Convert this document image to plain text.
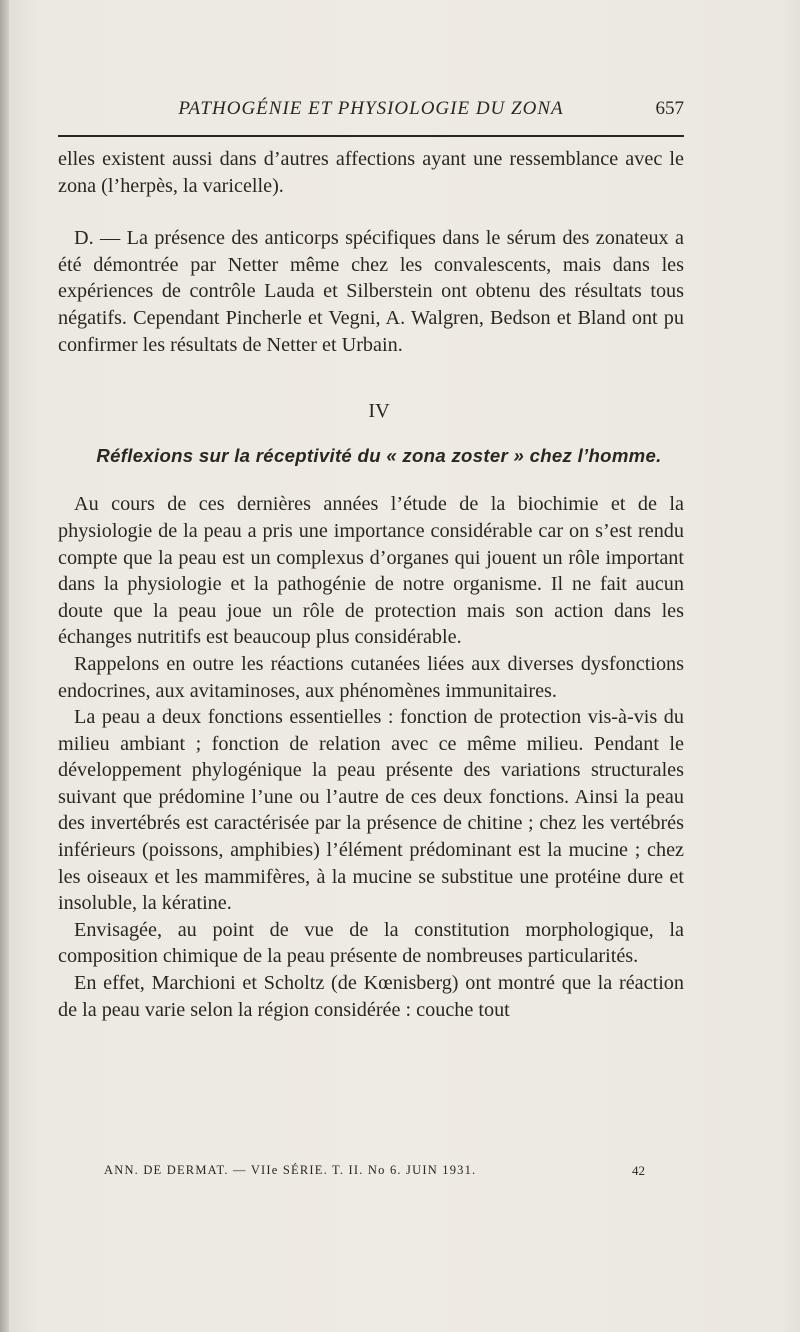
PATHOGÉNIE ET PHYSIOLOGIE DU ZONA	657

elles existent aussi dans d’autres affections ayant une ressemblance avec le zona (l’herpès, la varicelle).

D. — La présence des anticorps spécifiques dans le sérum des zonateux a été démontrée par Netter même chez les convalescents, mais dans les expériences de contrôle Lauda et Silberstein ont obtenu des résultats tous négatifs. Cependant Pincherle et Vegni, A. Walgren, Bedson et Bland ont pu confirmer les résultats de Netter et Urbain.

IV

Réflexions sur la réceptivité du « zona zoster » chez l’homme.

Au cours de ces dernières années l’étude de la biochimie et de la physiologie de la peau a pris une importance considérable car on s’est rendu compte que la peau est un complexus d’organes qui jouent un rôle important dans la physiologie et la pathogénie de notre organisme. Il ne fait aucun doute que la peau joue un rôle de protection mais son action dans les échanges nutritifs est beaucoup plus considérable.

Rappelons en outre les réactions cutanées liées aux diverses dysfonctions endocrines, aux avitaminoses, aux phénomènes immunitaires.

La peau a deux fonctions essentielles : fonction de protection vis-à-vis du milieu ambiant ; fonction de relation avec ce même milieu. Pendant le développement phylogénique la peau présente des variations structurales suivant que prédomine l’une ou l’autre de ces deux fonctions. Ainsi la peau des invertébrés est caractérisée par la présence de chitine ; chez les vertébrés inférieurs (poissons, amphibies) l’élément prédominant est la mucine ; chez les oiseaux et les mammifères, à la mucine se substitue une protéine dure et insoluble, la kératine.

Envisagée, au point de vue de la constitution morphologique, la composition chimique de la peau présente de nombreuses particularités.

En effet, Marchioni et Scholtz (de Kœnisberg) ont montré que la réaction de la peau varie selon la région considérée : couche tout

ANN. DE DERMAT. — VIIe SÉRIE. T. II. No 6. JUIN 1931.	42
